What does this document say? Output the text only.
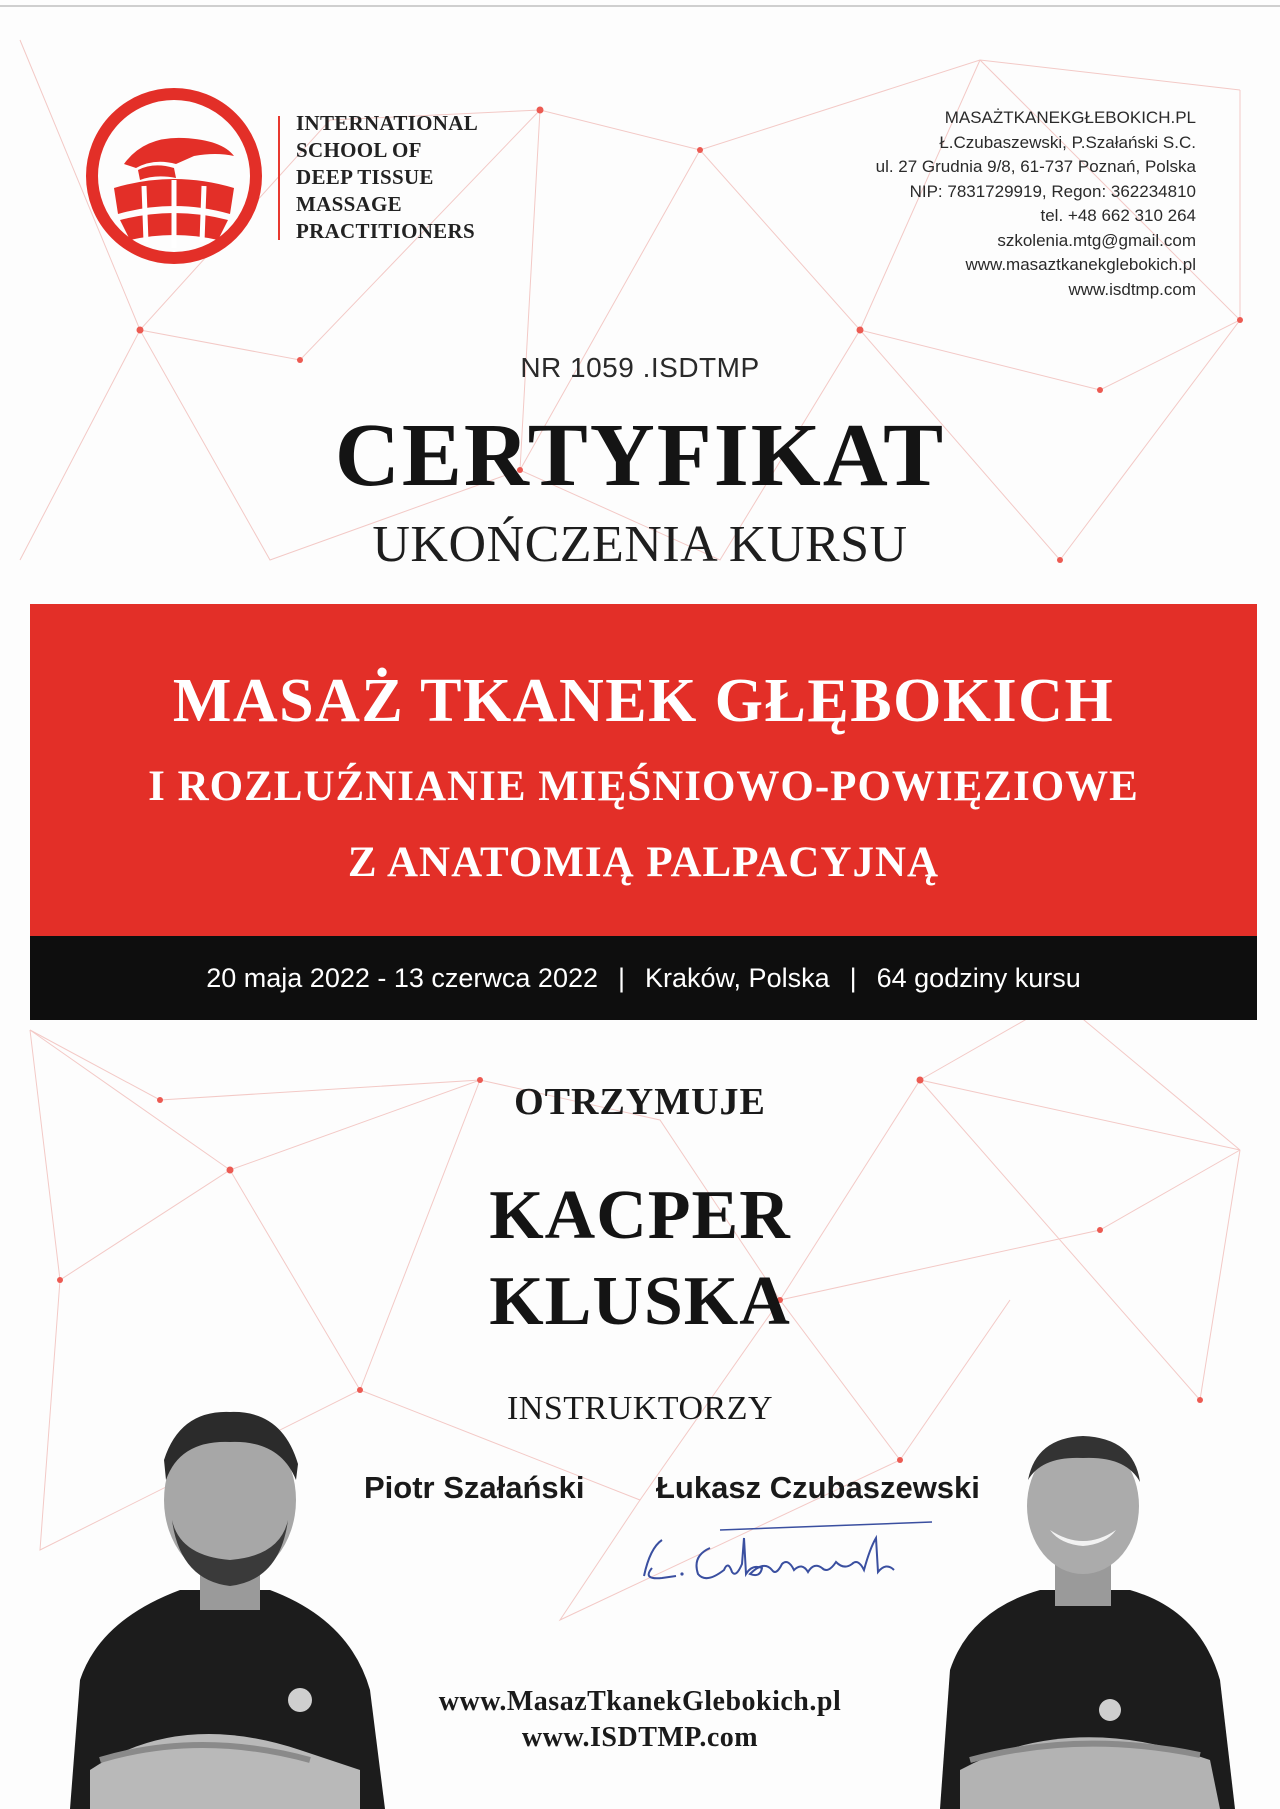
INTERNATIONAL
SCHOOL OF
DEEP TISSUE
MASSAGE
PRACTITIONERS
MASAŻTKANEKGŁEBOKICH.PL
Ł.Czubaszewski, P.Szałański S.C.
ul. 27 Grudnia 9/8, 61-737 Poznań, Polska
NIP: 7831729919, Regon: 362234810
tel. +48 662 310 264
szkolenia.mtg@gmail.com
www.masaztkanekglebokich.pl
www.isdtmp.com
NR 1059 .ISDTMP
CERTYFIKAT
UKOŃCZENIA KURSU
MASAŻ TKANEK GŁĘBOKICH
I ROZLUŹNIANIE MIĘŚNIOWO-POWIĘZIOWE
Z ANATOMIĄ PALPACYJNĄ
20 maja 2022 - 13 czerwca 2022 | Kraków, Polska | 64 godziny kursu
OTRZYMUJE
KACPER
KLUSKA
INSTRUKTORZY
Piotr Szałański Łukasz Czubaszewski
www.MasazTkanekGlebokich.pl
www.ISDTMP.com
